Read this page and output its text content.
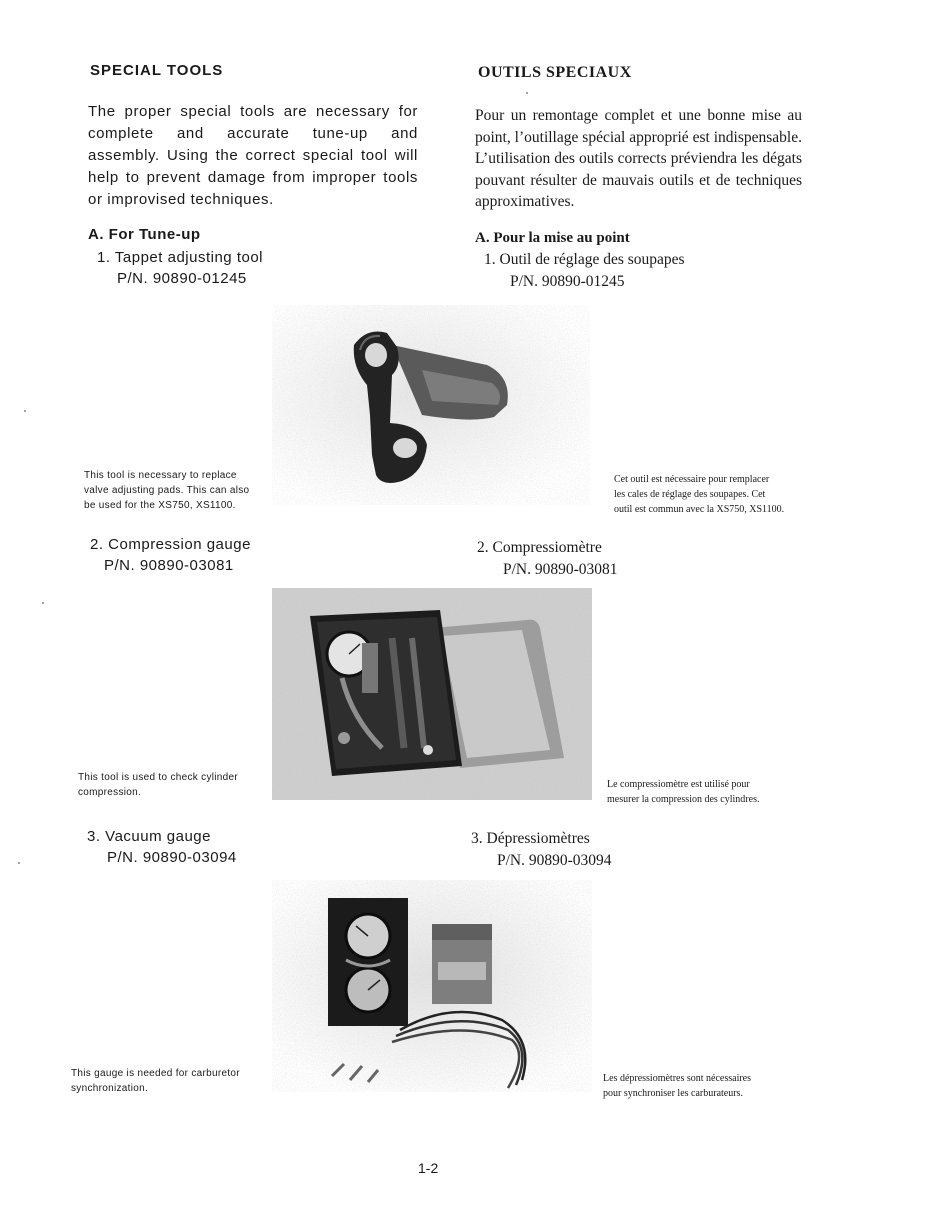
SPECIAL TOOLS	OUTILS SPECIAUX
The proper special tools are necessary for complete and accurate tune-up and assembly. Using the correct special tool will help to prevent damage from improper tools or improvised techniques.
Pour un remontage complet et une bonne mise au point, l’outillage spécial approprié est indispensable. L’utilisation des outils corrects préviendra les dégats pouvant résulter de mauvais outils et de techniques approximatives.
A. For Tune-up	A. Pour la mise au point
1. Tappet adjusting tool
P/N. 90890-01245
1. Outil de réglage des soupapes
P/N. 90890-01245
This tool is necessary to replace
valve adjusting pads. This can also
be used for the XS750, XS1100.
Cet outil est nécessaire pour remplacer
les cales de réglage des soupapes. Cet
outil est commun avec la XS750, XS1100.
2. Compression gauge
P/N. 90890-03081
2. Compressiomètre
P/N. 90890-03081
This tool is used to check cylinder
compression.
Le compressiomètre est utilisé pour
mesurer la compression des cylindres.
3. Vacuum gauge
P/N. 90890-03094
3. Dépressiomètres
P/N. 90890-03094
This gauge is needed for carburetor
synchronization.
Les dépressiomètres sont nécessaires
pour synchroniser les carburateurs.
1-2
